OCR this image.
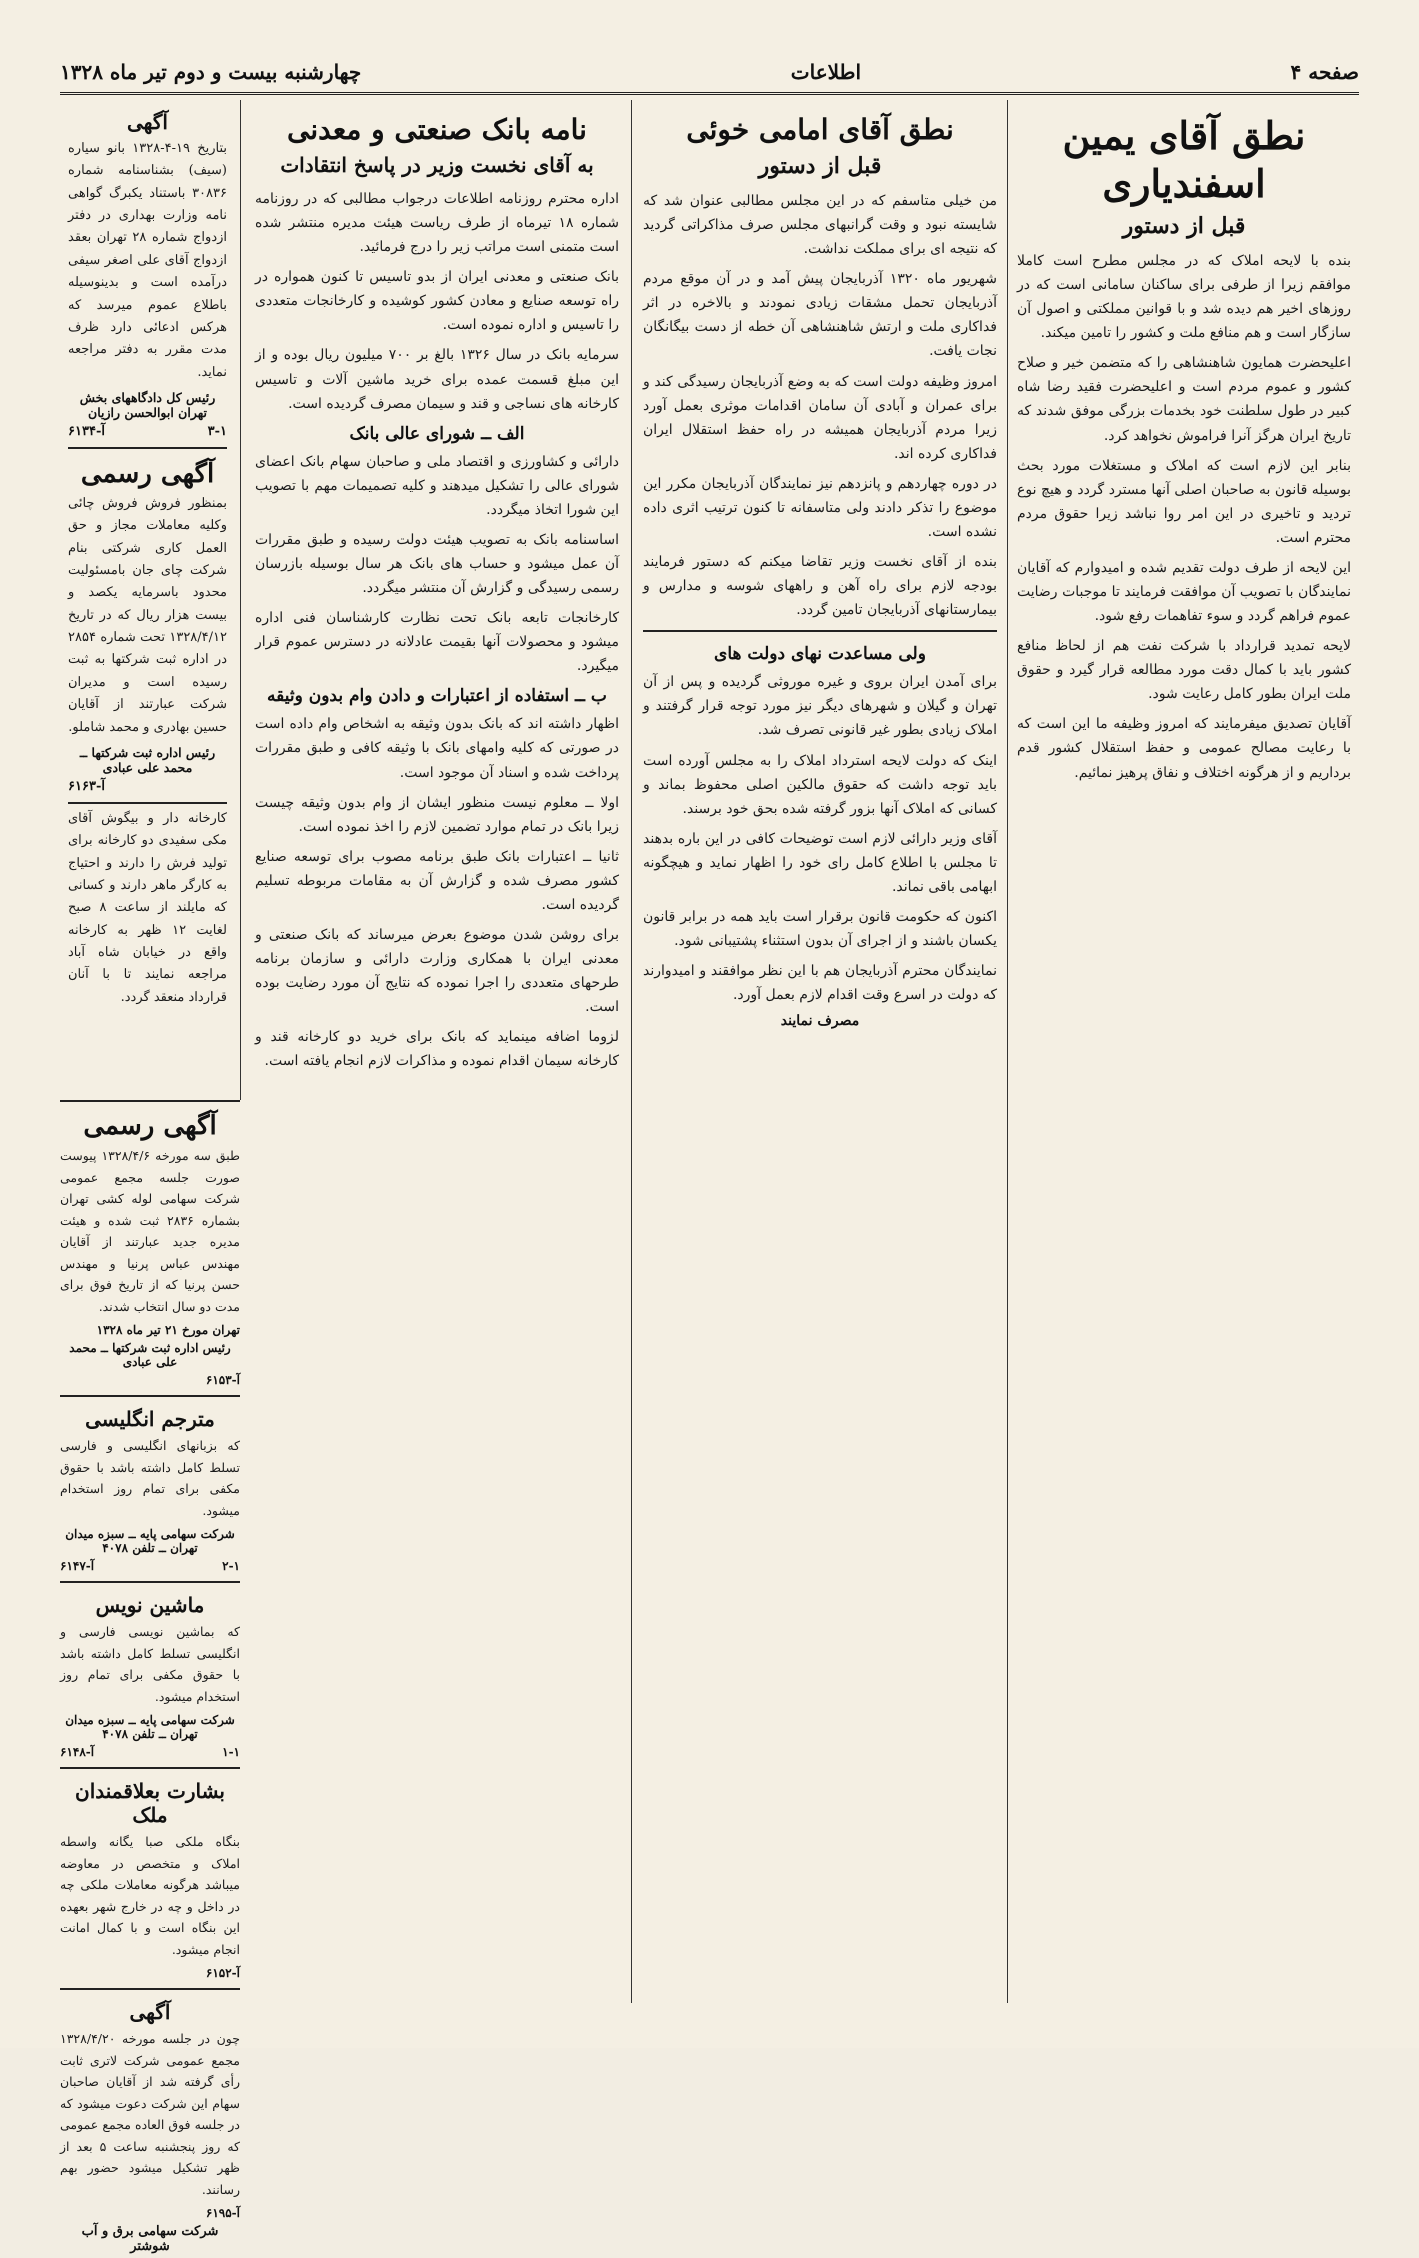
صفحه ۴
اطلاعات
چهارشنبه بیست و دوم تیر ماه ۱۳۲۸
نطق آقای یمین اسفندیاری
قبل از دستور

بنده با لایحه املاک که در مجلس مطرح است کاملا موافقم زیرا از طرفی برای ساکنان سامانی است که در روزهای اخیر هم دیده شد و با قوانین مملکتی و اصول آن سازگار است و هم منافع ملت و کشور را تامین میکند.

اعلیحضرت همایون شاهنشاهی را که متضمن خیر و صلاح کشور و عموم مردم است و اعلیحضرت فقید رضا شاه کبیر در طول سلطنت خود بخدمات بزرگی موفق شدند که تاریخ ایران هرگز آنرا فراموش نخواهد کرد.

بنابر این لازم است که املاک و مستغلات مورد بحث بوسیله قانون به صاحبان اصلی آنها مسترد گردد و هیچ نوع تردید و تاخیری در این امر روا نباشد زیرا حقوق مردم محترم است.

این لایحه از طرف دولت تقدیم شده و امیدوارم که آقایان نمایندگان با تصویب آن موافقت فرمایند تا موجبات رضایت عموم فراهم گردد و سوء تفاهمات رفع شود.

لایحه تمدید قرارداد با شرکت نفت هم از لحاظ منافع کشور باید با کمال دقت مورد مطالعه قرار گیرد و حقوق ملت ایران بطور کامل رعایت شود.

آقایان تصدیق میفرمایند که امروز وظیفه ما این است که با رعایت مصالح عمومی و حفظ استقلال کشور قدم برداریم و از هرگونه اختلاف و نفاق پرهیز نمائیم.

نطق آقای امامی خوئی
قبل از دستور

من خیلی متاسفم که در این مجلس مطالبی عنوان شد که شایسته نبود و وقت گرانبهای مجلس صرف مذاکراتی گردید که نتیجه ای برای مملکت نداشت.

شهریور ماه ۱۳۲۰ آذربایجان پیش آمد و در آن موقع مردم آذربایجان تحمل مشقات زیادی نمودند و بالاخره در اثر فداکاری ملت و ارتش شاهنشاهی آن خطه از دست بیگانگان نجات یافت.

امروز وظیفه دولت است که به وضع آذربایجان رسیدگی کند و برای عمران و آبادی آن سامان اقدامات موثری بعمل آورد زیرا مردم آذربایجان همیشه در راه حفظ استقلال ایران فداکاری کرده اند.

در دوره چهاردهم و پانزدهم نیز نمایندگان آذربایجان مکرر این موضوع را تذکر دادند ولی متاسفانه تا کنون ترتیب اثری داده نشده است.

بنده از آقای نخست وزیر تقاضا میکنم که دستور فرمایند بودجه لازم برای راه آهن و راههای شوسه و مدارس و بیمارستانهای آذربایجان تامین گردد.

ولی مساعدت نهای دولت های

برای آمدن ایران بروی و غیره موروثی گردیده و پس از آن تهران و گیلان و شهرهای دیگر نیز مورد توجه قرار گرفتند و املاک زیادی بطور غیر قانونی تصرف شد.

اینک که دولت لایحه استرداد املاک را به مجلس آورده است باید توجه داشت که حقوق مالکین اصلی محفوظ بماند و کسانی که املاک آنها بزور گرفته شده بحق خود برسند.

آقای وزیر دارائی لازم است توضیحات کافی در این باره بدهند تا مجلس با اطلاع کامل رای خود را اظهار نماید و هیچگونه ابهامی باقی نماند.

اکنون که حکومت قانون برقرار است باید همه در برابر قانون یکسان باشند و از اجرای آن بدون استثناء پشتیبانی شود.

نمایندگان محترم آذربایجان هم با این نظر موافقند و امیدوارند که دولت در اسرع وقت اقدام لازم بعمل آورد.

مصرف نمایند
نامه بانک صنعتی و معدنی
به آقای نخست وزیر در پاسخ انتقادات

اداره محترم روزنامه اطلاعات درجواب مطالبی که در روزنامه شماره ۱۸ تیرماه از طرف ریاست هیئت مدیره منتشر شده است متمنی است مراتب زیر را درج فرمائید.

بانک صنعتی و معدنی ایران از بدو تاسیس تا کنون همواره در راه توسعه صنایع و معادن کشور کوشیده و کارخانجات متعددی را تاسیس و اداره نموده است.

سرمایه بانک در سال ۱۳۲۶ بالغ بر ۷۰۰ میلیون ریال بوده و از این مبلغ قسمت عمده برای خرید ماشین آلات و تاسیس کارخانه های نساجی و قند و سیمان مصرف گردیده است.

الف ــ شورای عالی بانک

دارائی و کشاورزی و اقتصاد ملی و صاحبان سهام بانک اعضای شورای عالی را تشکیل میدهند و کلیه تصمیمات مهم با تصویب این شورا اتخاذ میگردد.

اساسنامه بانک به تصویب هیئت دولت رسیده و طبق مقررات آن عمل میشود و حساب های بانک هر سال بوسیله بازرسان رسمی رسیدگی و گزارش آن منتشر میگردد.

کارخانجات تابعه بانک تحت نظارت کارشناسان فنی اداره میشود و محصولات آنها بقیمت عادلانه در دسترس عموم قرار میگیرد.

ب ــ استفاده از اعتبارات و دادن وام بدون وثیقه

اظهار داشته اند که بانک بدون وثیقه به اشخاص وام داده است در صورتی که کلیه وامهای بانک با وثیقه کافی و طبق مقررات پرداخت شده و اسناد آن موجود است.

اولا ــ معلوم نیست منظور ایشان از وام بدون وثیقه چیست زیرا بانک در تمام موارد تضمین لازم را اخذ نموده است.

ثانیا ــ اعتبارات بانک طبق برنامه مصوب برای توسعه صنایع کشور مصرف شده و گزارش آن به مقامات مربوطه تسلیم گردیده است.

برای روشن شدن موضوع بعرض میرساند که بانک صنعتی و معدنی ایران با همکاری وزارت دارائی و سازمان برنامه طرحهای متعددی را اجرا نموده که نتایج آن مورد رضایت بوده است.

لزوما اضافه مینماید که بانک برای خرید دو کارخانه قند و کارخانه سیمان اقدام نموده و مذاکرات لازم انجام یافته است.

آگهی

بتاریخ ۱۹-۴-۱۳۲۸ بانو سیاره (سیف) بشناسنامه شماره ۳۰۸۳۶ باستناد یکبرگ گواهی نامه وزارت بهداری در دفتر ازدواج شماره ۲۸ تهران بعقد ازدواج آقای علی اصغر سیفی درآمده است و بدینوسیله باطلاع عموم میرسد که هرکس ادعائی دارد ظرف مدت مقرر به دفتر مراجعه نماید.

رئیس کل دادگاههای بخش تهران ابوالحسن رازیان
۳-۱
آ-۶۱۳۴
آگهی رسمی

بمنظور فروش فروش چائی وکلیه معاملات مجاز و حق العمل کاری شرکتی بنام شرکت چای جان بامسئولیت محدود باسرمایه یکصد و بیست هزار ریال که در تاریخ ۱۳۲۸/۴/۱۲ تحت شماره ۲۸۵۴ در اداره ثبت شرکتها به ثبت رسیده است و مدیران شرکت عبارتند از آقایان حسین بهادری و محمد شاملو.

رئیس اداره ثبت شرکتها ــ محمد علی عبادی
آ-۶۱۶۳

کارخانه دار و بیگوش آقای مکی سفیدی دو کارخانه برای تولید فرش را دارند و احتیاج به کارگر ماهر دارند و کسانی که مایلند از ساعت ۸ صبح لغایت ۱۲ ظهر به کارخانه واقع در خیابان شاه آباد مراجعه نمایند تا با آنان قرارداد منعقد گردد.

آگهی رسمی

طبق سه مورخه ۱۳۲۸/۴/۶ پیوست صورت جلسه مجمع عمومی شرکت سهامی لوله کشی تهران بشماره ۲۸۳۶ ثبت شده و هیئت مدیره جدید عبارتند از آقایان مهندس عباس پرنیا و مهندس حسن پرنیا که از تاریخ فوق برای مدت دو سال انتخاب شدند.

تهران مورخ ۲۱ تیر ماه ۱۳۲۸
رئیس اداره ثبت شرکتها ــ محمد علی عبادی
آ-۶۱۵۳
مترجم انگلیسی

که بزبانهای انگلیسی و فارسی تسلط کامل داشته باشد با حقوق مکفی برای تمام روز استخدام میشود.

شرکت سهامی پایه ــ سبزه میدان تهران ــ تلفن ۴۰۷۸
۲-۱
آ-۶۱۴۷
ماشین نویس

که بماشین نویسی فارسی و انگلیسی تسلط کامل داشته باشد با حقوق مکفی برای تمام روز استخدام میشود.

شرکت سهامی پایه ــ سبزه میدان تهران ــ تلفن ۴۰۷۸
۱-۱
آ-۶۱۴۸
بشارت بعلاقمندان ملک

بنگاه ملکی صبا یگانه واسطه املاک و متخصص در معاوضه میباشد هرگونه معاملات ملکی چه در داخل و چه در خارج شهر بعهده این بنگاه است و با کمال امانت انجام میشود.

آ-۶۱۵۲
آگهی

چون در جلسه مورخه ۱۳۲۸/۴/۲۰ مجمع عمومی شرکت لاتری ثابت رأی گرفته شد از آقایان صاحبان سهام این شرکت دعوت میشود که در جلسه فوق العاده مجمع عمومی که روز پنجشنبه ساعت ۵ بعد از ظهر تشکیل میشود حضور بهم رسانند.

آ-۶۱۹۵
شرکت سهامی برق و آب شوشتر
